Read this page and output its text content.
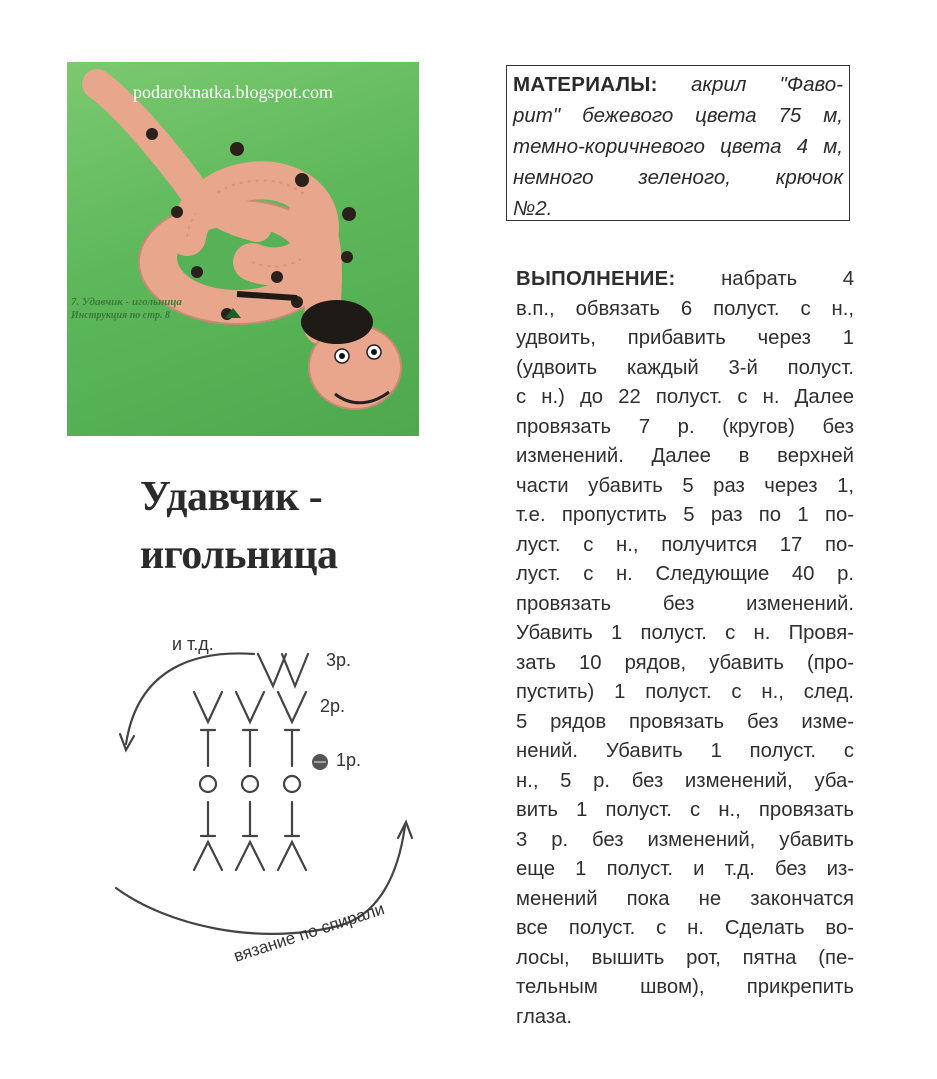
podaroknatka.blogspot.com
7. Удавчик - игольница
Инструкция по стр. 8
Удавчик -
игольница
и т.д.
3р.
2р.
1р.
вязание по спирали
МАТЕРИАЛЫ: акрил "Фаво-
рит" бежевого цвета 75 м,
темно-коричневого цвета 4 м,
немного зеленого, крючок
№2.
ВЫПОЛНЕНИЕ: набрать 4
в.п., обвязать 6 полуст. с н.,
удвоить, прибавить через 1
(удвоить каждый 3-й полуст.
с н.) до 22 полуст. с н. Далее
провязать 7 р. (кругов) без
изменений. Далее в верхней
части убавить 5 раз через 1,
т.е. пропустить 5 раз по 1 по-
луст. с н., получится 17 по-
луст. с н. Следующие 40 р.
провязать без изменений.
Убавить 1 полуст. с н. Провя-
зать 10 рядов, убавить (про-
пустить) 1 полуст. с н., след.
5 рядов провязать без изме-
нений. Убавить 1 полуст. с
н., 5 р. без изменений, уба-
вить 1 полуст. с н., провязать
3 р. без изменений, убавить
еще 1 полуст. и т.д. без из-
менений пока не закончатся
все полуст. с н. Сделать во-
лосы, вышить рот, пятна (пе-
тельным швом), прикрепить
глаза.
